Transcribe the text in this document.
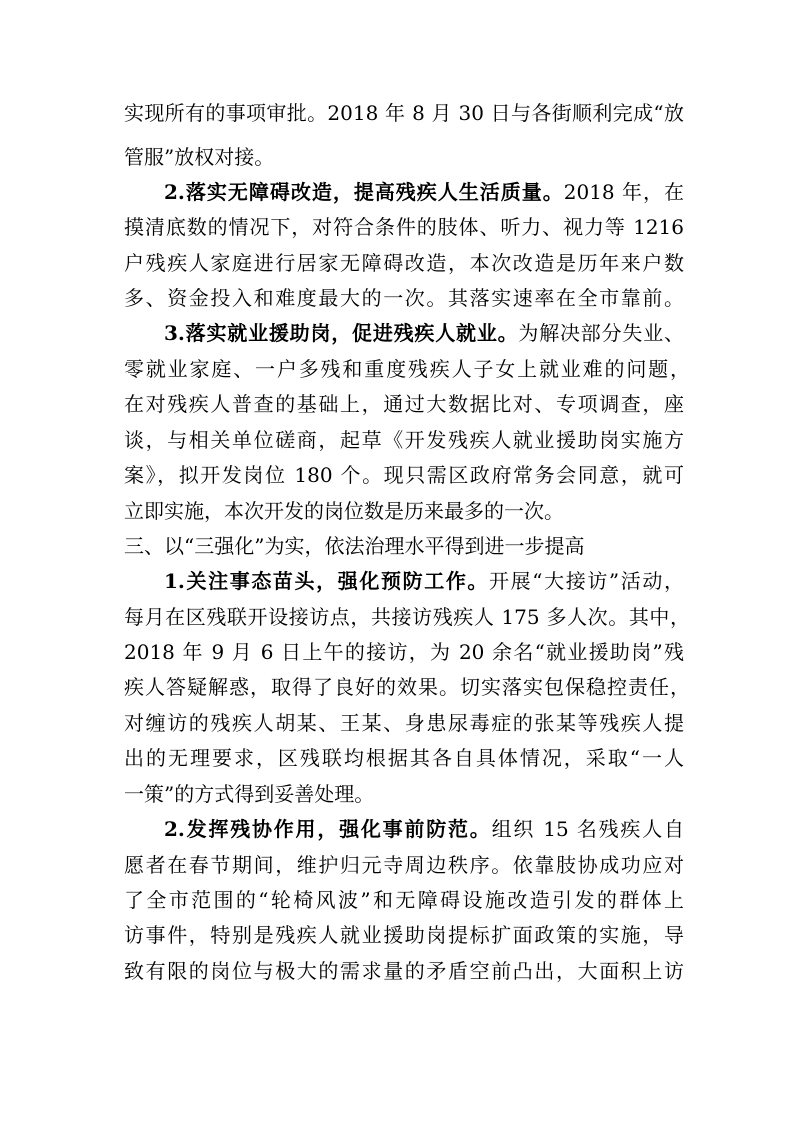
实现所有的事项审批。2018 年 8 月 30 日与各街顺利完成“放
管服”放权对接。
2.落实无障碍改造，提高残疾人生活质量。2018 年，在
摸清底数的情况下，对符合条件的肢体、听力、视力等 1216
户残疾人家庭进行居家无障碍改造，本次改造是历年来户数
多、资金投入和难度最大的一次。其落实速率在全市靠前。
3.落实就业援助岗，促进残疾人就业。为解决部分失业、
零就业家庭、一户多残和重度残疾人子女上就业难的问题，
在对残疾人普查的基础上，通过大数据比对、专项调查，座
谈，与相关单位磋商，起草《开发残疾人就业援助岗实施方
案》，拟开发岗位 180 个。现只需区政府常务会同意，就可
立即实施，本次开发的岗位数是历来最多的一次。
三、以“三强化”为实，依法治理水平得到进一步提高
1.关注事态苗头，强化预防工作。开展“大接访”活动，
每月在区残联开设接访点，共接访残疾人 175 多人次。其中，
2018 年 9 月 6 日上午的接访，为 20 余名“就业援助岗”残
疾人答疑解惑，取得了良好的效果。切实落实包保稳控责任，
对缠访的残疾人胡某、王某、身患尿毒症的张某等残疾人提
出的无理要求，区残联均根据其各自具体情况，采取“一人
一策”的方式得到妥善处理。
2.发挥残协作用，强化事前防范。组织 15 名残疾人自
愿者在春节期间，维护归元寺周边秩序。依靠肢协成功应对
了全市范围的“轮椅风波”和无障碍设施改造引发的群体上
访事件，特别是残疾人就业援助岗提标扩面政策的实施，导
致有限的岗位与极大的需求量的矛盾空前凸出，大面积上访
